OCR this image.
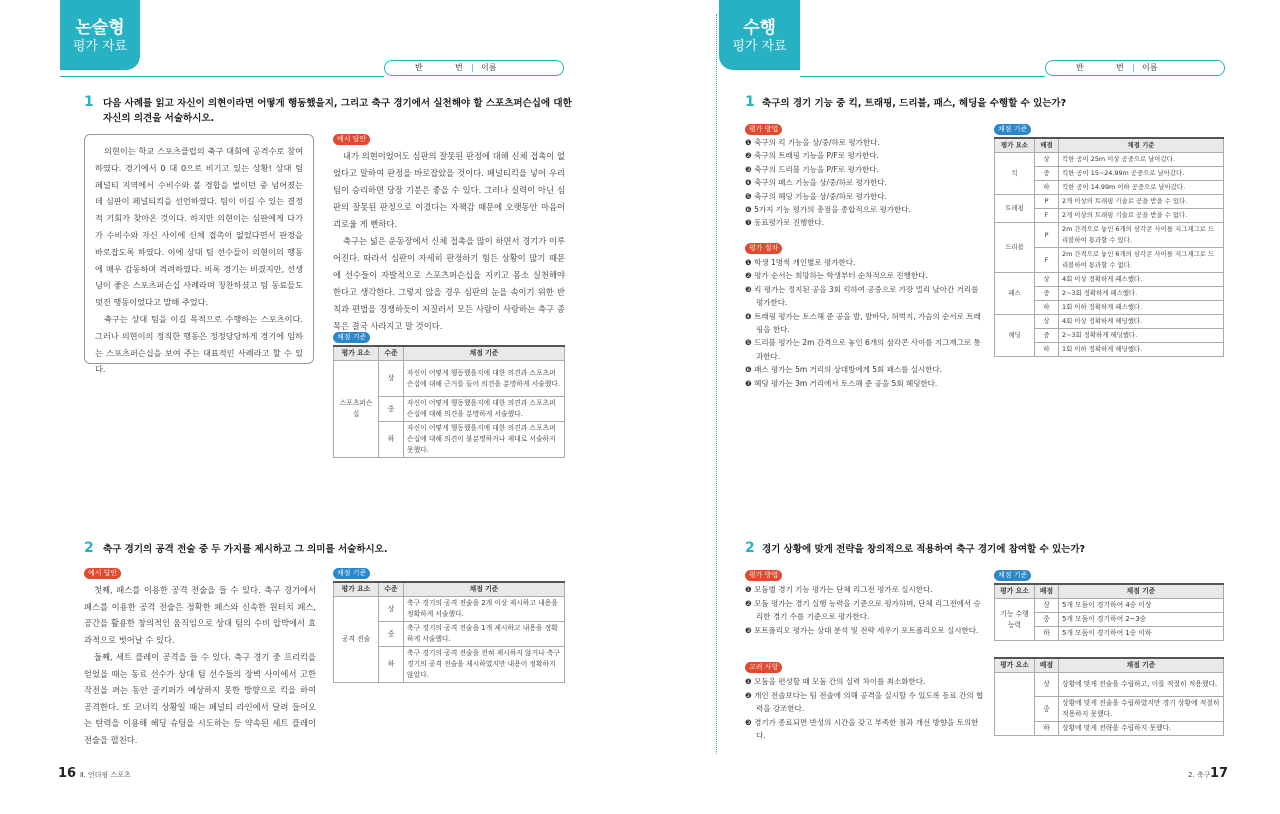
논술형
평가 자료
반	번 | 이름
1 다음 사례를 읽고 자신이 의현이라면 어떻게 행동했을지, 그리고 축구 경기에서 실천해야 할 스포츠퍼슨십에 대한 자신의 의견을 서술하시오.
의현이는 학교 스포츠클럽의 축구 대회에 공격수로 참여하였다. 경기에서 0 대 0으로 비기고 있는 상황! 상대 팀 페널티 지역에서 수비수와 볼 경합을 벌이던 중 넘어졌는데 심판이 페널티킥을 선언하였다. 팀이 이길 수 있는 결정적 기회가 찾아온 것이다. 하지만 의현이는 심판에게 다가가 수비수와 자신 사이에 신체 접촉이 없었다면서 판정을 바로잡도록 하였다. 이에 상대 팀 선수들이 의현이의 행동에 매우 감동하며 격려하였다. 비록 경기는 비겼지만, 선생님이 좋은 스포츠퍼슨십 사례라며 칭찬하셨고 팀 동료들도 멋진 행동이었다고 말해 주었다.
축구는 상대 팀을 이길 목적으로 수행하는 스포츠이다. 그러나 의현이의 정직한 행동은 정정당당하게 경기에 임하는 스포츠퍼슨십을 보여 주는 대표적인 사례라고 할 수 있다.
예시 답안
내가 의현이었어도 심판의 잘못된 판정에 대해 신체 접촉이 없었다고 말하여 판정을 바로잡았을 것이다. 페널티킥을 넣어 우리 팀이 승리하면 당장 기분은 좋을 수 있다. 그러나 실력이 아닌 심판의 잘못된 판정으로 이겼다는 자책감 때문에 오랫동안 마음이 괴로울 게 뻔하다.
축구는 넓은 운동장에서 신체 접촉을 많이 하면서 경기가 이루어진다. 따라서 심판이 자세히 판정하기 힘든 상황이 많기 때문에 선수들이 자발적으로 스포츠퍼슨십을 지키고 몸소 실천해야 한다고 생각한다. 그렇지 않을 경우 심판의 눈을 속이기 위한 반칙과 편법을 경쟁하듯이 저질러서 모든 사람이 사랑하는 축구 종목은 결국 사라지고 말 것이다.
채점 기준
평가 요소	수준	채점 기준
스포츠퍼슨십	상	자신이 어떻게 행동했을지에 대한 의견과 스포츠퍼슨십에 대해 근거를 들어 의견을 분명하게 서술했다.
	중	자신이 어떻게 행동했을지에 대한 의견과 스포츠퍼슨십에 대해 의견을 분명하게 서술했다.
	하	자신이 어떻게 행동했을지에 대한 의견과 스포츠퍼슨십에 대해 의견이 불분명하거나 제대로 서술하지 못했다.
2 축구 경기의 공격 전술 중 두 가지를 제시하고 그 의미를 서술하시오.
예시 답안
첫째, 패스를 이용한 공격 전술을 들 수 있다. 축구 경기에서 패스를 이용한 공격 전술은 정확한 패스와 신속한 원터치 패스, 공간을 활용한 창의적인 움직임으로 상대 팀의 수비 압박에서 효과적으로 벗어날 수 있다.
둘째, 세트 플레이 공격을 들 수 있다. 축구 경기 중 프리킥을 얻었을 때는 동료 선수가 상대 팀 선수들의 장벽 사이에서 고한 작전을 펴는 동안 골키퍼가 예상하지 못한 방향으로 킥을 하여 공격한다. 또 코너킥 상황일 때는 페널티 라인에서 달려 들어오는 탄력을 이용해 헤딩 슈팅을 시도하는 등 약속된 세트 플레이 전술을 펼친다.
채점 기준
평가 요소	수준	채점 기준
공격 전술	상	축구 경기의 공격 전술을 2개 이상 제시하고 내용을 정확하게 서술했다.
	중	축구 경기의 공격 전술을 1개 제시하고 내용을 정확하게 서술했다.
	하	축구 경기의 공격 전술을 전혀 제시하지 않거나 축구 경기의 공격 전술을 제시하였지만 내용이 정확하지 않았다.
16 Ⅱ. 언더핑 스포츠
수행
평가 자료
반	번 | 이름
1 축구의 경기 기능 중 킥, 트래핑, 드리블, 패스, 헤딩을 수행할 수 있는가?
평가 방법

❶ 축구의 킥 기능을 상/중/하로 평가한다.

❷ 축구의 트래핑 기능을 P/F로 평가한다.

❸ 축구의 드리블 기능을 P/F로 평가한다.

❹ 축구의 패스 기능을 상/중/하로 평가한다.

❺ 축구의 헤딩 기능을 상/중/하로 평가한다.

❻ 5가지 기능 평가의 총점을 종합적으로 평가한다.

❼ 동료평가로 진행한다.

평가 절차

❶ 학생 1명씩 개인별로 평가한다.

❷ 평가 순서는 희망하는 학생부터 순차적으로 진행한다.

❸ 킥 평가는 정지된 공을 3회 킥하여 공중으로 가장 멀리 날아간 거리를 평가한다.

❹ 트래핑 평가는 토스해 준 공을 발, 발바닥, 허벅지, 가슴의 순서로 트래핑을 한다.

❺ 드리블 평가는 2m 간격으로 놓인 6개의 삼각콘 사이를 지그재그로 통과한다.

❻ 패스 평가는 5m 거리의 상대방에게 5회 패스를 실시한다.

❼ 헤딩 평가는 3m 거리에서 토스해 준 공을 5회 헤딩한다.

채점 기준
평가 요소	배점	채점 기준
킥	상	킥한 공이 25m 이상 공중으로 날아갔다.
	중	킥한 공이 15~24.99m 공중으로 날아갔다.
	하	킥한 공이 14.99m 이하 공중으로 날아갔다.
트래핑	P	2개 이상의 트래핑 기술로 공을 받을 수 있다.
	F	2개 이상의 트래핑 기술로 공을 받을 수 없다.
드리블	P	2m 간격으로 놓인 6개의 삼각콘 사이를 지그재그로 드리블하여 통과할 수 있다.
	F	2m 간격으로 놓인 6개의 삼각콘 사이를 지그재그로 드리블하여 통과할 수 없다.
패스	상	4회 이상 정확하게 패스했다.
	중	2~3회 정확하게 패스했다.
	하	1회 이하 정확하게 패스했다.
헤딩	상	4회 이상 정확하게 헤딩했다.
	중	2~3회 정확하게 헤딩했다.
	하	1회 이하 정확하게 헤딩했다.
2 경기 상황에 맞게 전략을 창의적으로 적용하여 축구 경기에 참여할 수 있는가?
평가 방법

❶ 모둠별 경기 기능 평가는 단체 리그전 평가로 실시한다.

❷ 모둠 평가는 경기 실행 능력을 기준으로 평가하며, 단체 리그전에서 승리한 경기 수를 기준으로 평가한다.

❸ 포트폴리오 평가는 상대 분석 및 전략 세우기 포트폴리오로 실시한다.

고려 사항

❶ 모둠을 편성할 때 모둠 간의 실력 차이를 최소화한다.

❷ 개인 전술보다는 팀 전술에 의해 공격을 실시할 수 있도록 동료 간의 협력을 강조한다.

❸ 경기가 종료되면 반성의 시간을 갖고 부족한 점과 개선 방향을 토의한다.

채점 기준
평가 요소	배점	채점 기준
기능 수행 능력	상	5개 모둠이 경기하여 4승 이상
	중	5개 모둠이 경기하여 2~3승
	하	5개 모둠이 경기하여 1승 이하
평가 요소	배점	채점 기준
	상	상황에 맞게 전술을 수립하고, 이를 적절히 적용했다.
	중	상황에 맞게 전술을 수립하였지만 경기 상황에 적절히 적용하지 못했다.
	하	상황에 맞게 전략을 수립하지 못했다.
2. 축구 17
